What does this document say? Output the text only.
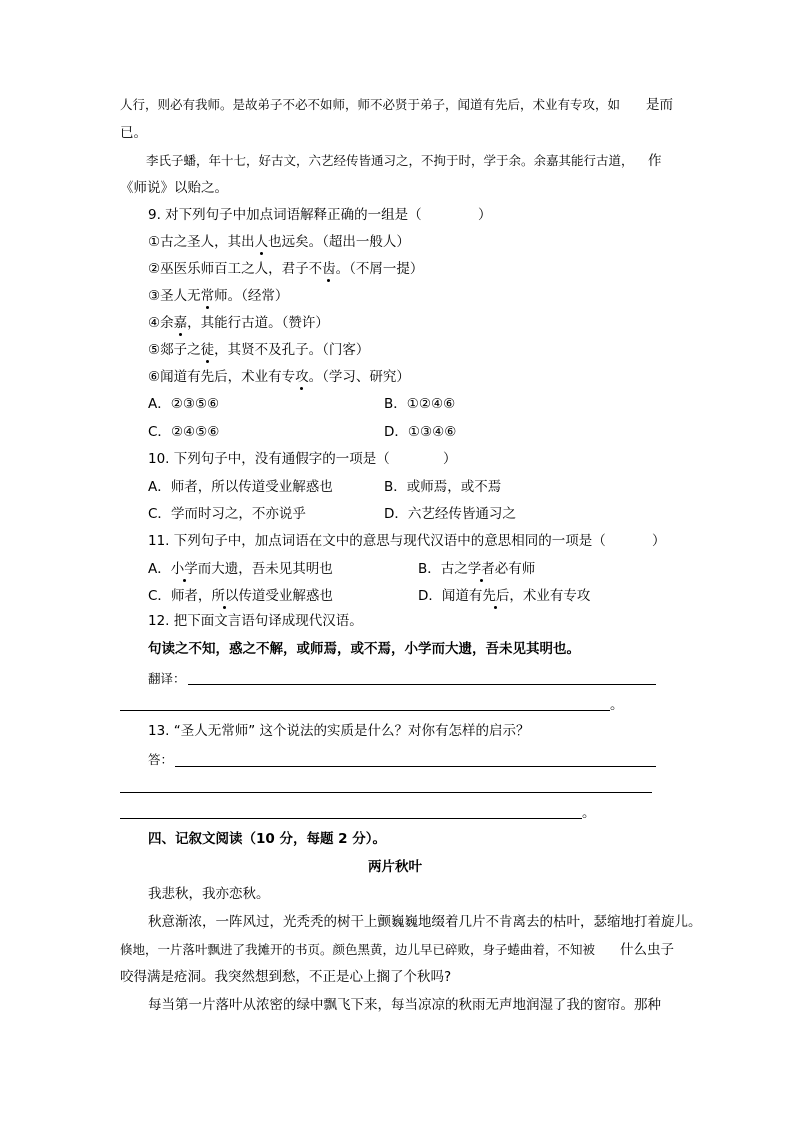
人行，则必有我师。是故弟子不必不如师，师不必贤于弟子，闻道有先后，术业有专攻，如 是而
已。
李氏子蟠，年十七，好古文，六艺经传皆通习之，不拘于时，学于余。余嘉其能行古道， 作
《师说》以贻之。
9. 对下列句子中加点词语解释正确的一组是（	）
①古之圣人，其出人也远矣。（超出一般人）
②巫医乐师百工之人，君子不齿。（不屑一提）
③圣人无常师。（经常）
④余嘉，其能行古道。（赞许）
⑤郯子之徒，其贤不及孔子。（门客）
⑥闻道有先后，术业有专攻。（学习、研究）
A．②③⑤⑥	B．①②④⑥
C．②④⑤⑥	D．①③④⑥
10. 下列句子中，没有通假字的一项是（	）
A．师者，所以传道受业解惑也	B．或师焉，或不焉
C．学而时习之，不亦说乎	D．六艺经传皆通习之
11. 下列句子中，加点词语在文中的意思与现代汉语中的意思相同的一项是（	）
A．小学而大遗，吾未见其明也	B．古之学者必有师
C．师者，所以传道受业解惑也	D．闻道有先后，术业有专攻
12. 把下面文言语句译成现代汉语。
句读之不知，惑之不解，或师焉，或不焉，小学而大遗，吾未见其明也。
翻译：
。
13. “圣人无常师” 这个说法的实质是什么？对你有怎样的启示？
答：
。
四、记叙文阅读（10 分，每题 2 分）。
两片秋叶
我悲秋，我亦恋秋。
秋意渐浓，一阵风过，光秃秃的树干上颤巍巍地缀着几片不肯离去的枯叶，瑟缩地打着旋儿。
倏地，一片落叶飘进了我摊开的书页。颜色黑黄，边儿早已碎败，身子蜷曲着，不知被 什么虫子
咬得满是疮洞。我突然想到愁，不正是心上搁了个秋吗?
每当第一片落叶从浓密的绿中飘飞下来，每当凉凉的秋雨无声地润湿了我的窗帘。那种
